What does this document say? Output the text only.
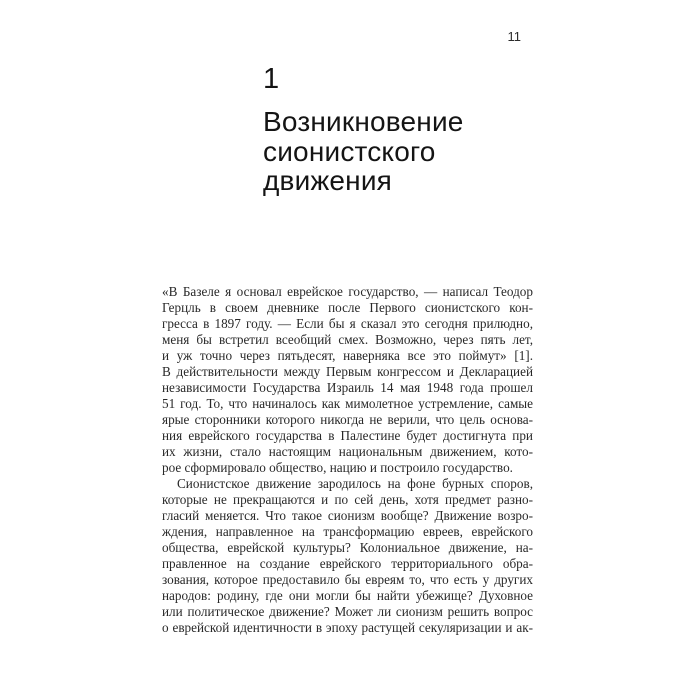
11
1
Возникновение
сионистского
движения
«В Базеле я основал еврейское государство, — написал Теодор
Герцль в своем дневнике после Первого сионистского кон-
гресса в 1897 году. — Если бы я сказал это сегодня прилюдно,
меня бы встретил всеобщий смех. Возможно, через пять лет,
и уж точно через пятьдесят, наверняка все это поймут» [1].
В действительности между Первым конгрессом и Декларацией
независимости Государства Израиль 14 мая 1948 года прошел
51 год. То, что начиналось как мимолетное устремление, самые
ярые сторонники которого никогда не верили, что цель основа-
ния еврейского государства в Палестине будет достигнута при
их жизни, стало настоящим национальным движением, кото-
рое сформировало общество, нацию и построило государство.
Сионистское движение зародилось на фоне бурных споров,
которые не прекращаются и по сей день, хотя предмет разно-
гласий меняется. Что такое сионизм вообще? Движение возро-
ждения, направленное на трансформацию евреев, еврейского
общества, еврейской культуры? Колониальное движение, на-
правленное на создание еврейского территориального обра-
зования, которое предоставило бы евреям то, что есть у других
народов: родину, где они могли бы найти убежище? Духовное
или политическое движение? Может ли сионизм решить вопрос
о еврейской идентичности в эпоху растущей секуляризации и ак-
